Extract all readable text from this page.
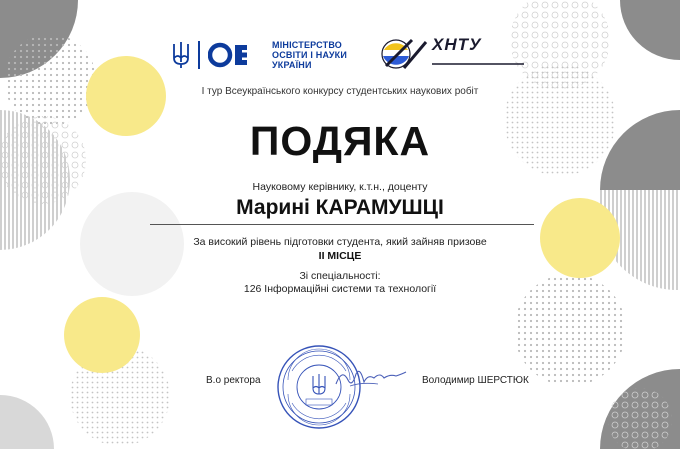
МІНІСТЕРСТВО
ОСВІТИ І НАУКИ
УКРАЇНИ
ХНТУ
І тур Всеукраїнського конкурсу студентських наукових робіт
ПОДЯКА
Науковому керівнику, к.т.н., доценту
Марині КАРАМУШЦІ
За високий рівень підготовки студента, який зайняв призове
ІІ МІСЦЕ
Зі спеціальності:
126 Інформаційні системи та технології
В.о ректора	Володимир ШЕРСТЮК
